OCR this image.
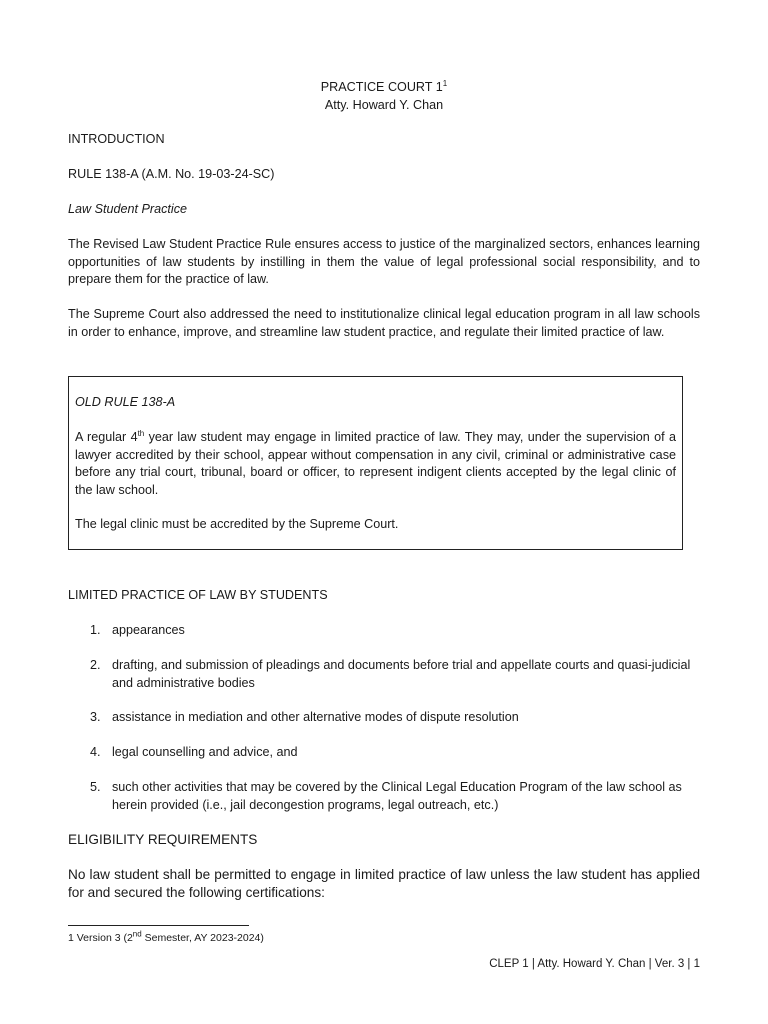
PRACTICE COURT $1^1$
Atty. Howard Y. Chan
INTRODUCTION
RULE 138-A (A.M. No. 19-03-24-SC)
Law Student Practice
The Revised Law Student Practice Rule ensures access to justice of the marginalized sectors, enhances learning opportunities of law students by instilling in them the value of legal professional social responsibility, and to prepare them for the practice of law.
The Supreme Court also addressed the need to institutionalize clinical legal education program in all law schools in order to enhance, improve, and streamline law student practice, and regulate their limited practice of law.
OLD RULE 138-A
A regular 4th year law student may engage in limited practice of law. They may, under the supervision of a lawyer accredited by their school, appear without compensation in any civil, criminal or administrative case before any trial court, tribunal, board or officer, to represent indigent clients accepted by the legal clinic of the law school.
The legal clinic must be accredited by the Supreme Court.
LIMITED PRACTICE OF LAW BY STUDENTS
1. appearances
2. drafting, and submission of pleadings and documents before trial and appellate courts and quasi-judicial and administrative bodies
3. assistance in mediation and other alternative modes of dispute resolution
4. legal counselling and advice, and
5. such other activities that may be covered by the Clinical Legal Education Program of the law school as herein provided (i.e., jail decongestion programs, legal outreach, etc.)
ELIGIBILITY REQUIREMENTS
No law student shall be permitted to engage in limited practice of law unless the law student has applied for and secured the following certifications:
1 Version 3 (2nd Semester, AY 2023-2024)
CLEP 1 | Atty. Howard Y. Chan | Ver. 3 | 1
